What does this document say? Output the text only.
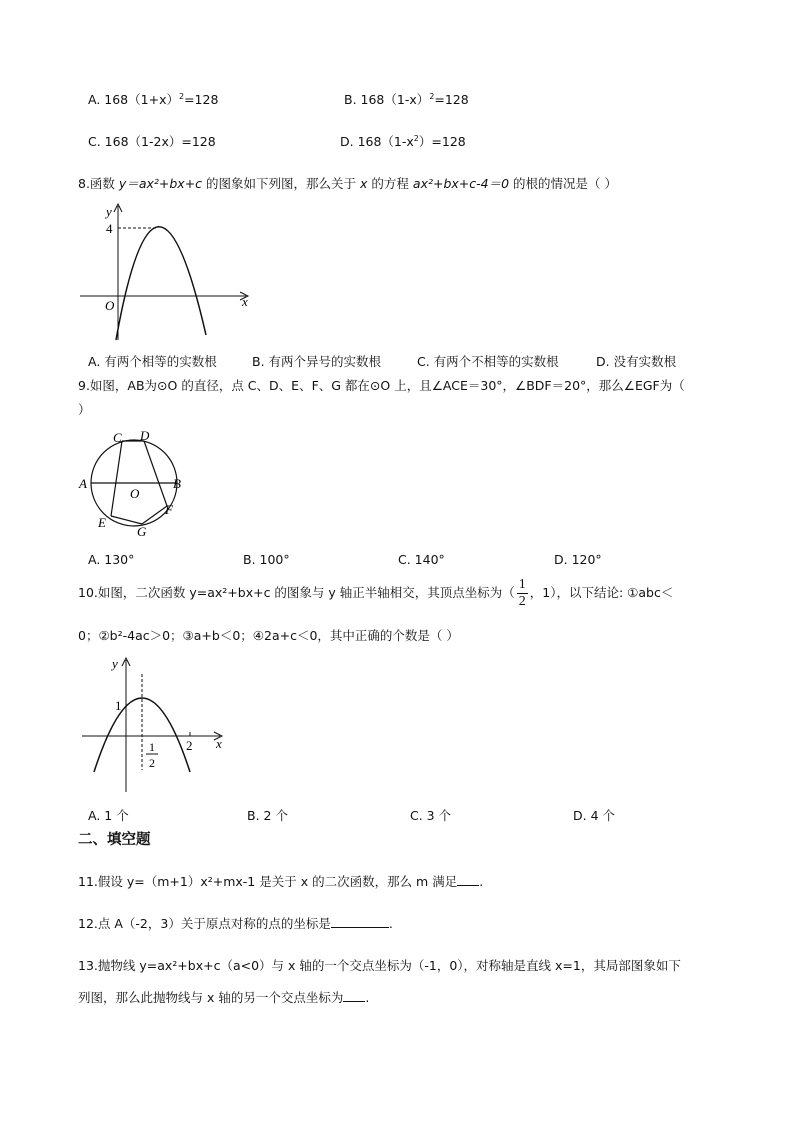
A. $168(1+x)^2=128$	B. $168(1-x)^2=128$
C. 168（1-2x）=128	D. $168(1-x^2)=128$
8.函数 y＝ax²+bx+c 的图象如下列图，那么关于 x 的方程 ax²+bx+c-4＝0 的根的情况是（ ）
y
x
O
4
A. 有两个相等的实数根	B. 有两个异号的实数根	C. 有两个不相等的实数根	D. 没有实数根
9.如图，AB为⊙O 的直径，点 C、D、E、F、G 都在⊙O 上，且∠ACE＝30°，∠BDF＝20°，那么∠EGF为（
）
C D
A	B
O
E
F
G
A. 130°	B. 100°	C. 140°	D. 120°
10.如图，二次函数 y=ax²+bx+c 的图象与 y 轴正半轴相交，其顶点坐标为（ $\frac{1}{2}$ ，1），以下结论: ①abc＜
0；②b²-4ac＞0；③a+b＜0；④2a+c＜0，其中正确的个数是（ ）
y
x
1
2
1
2
A. 1 个	B. 2 个	C. 3 个	D. 4 个
二、填空题
11.假设 y=（m+1）x²+mx-1 是关于 x 的二次函数，那么 m 满足 .
12.点 A（-2，3）关于原点对称的点的坐标是	.
13.抛物线 y=ax²+bx+c（a<0）与 x 轴的一个交点坐标为（-1，0），对称轴是直线 x=1，其局部图象如下
列图，那么此抛物线与 x 轴的另一个交点坐标为 .
